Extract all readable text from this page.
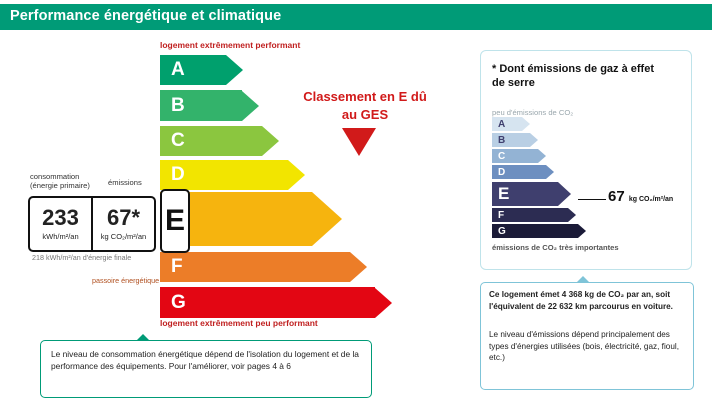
Performance énergétique et climatique
logement extrêmement performant
logement extrêmement peu performant
A
B
C
D
F
G
consommation (énergie primaire)	émissions
233
kWh/m²/an
67*
kg CO₂/m²/an
218 kWh/m²/an d'énergie finale
passoire énergétique
E
Classement en E dû au GES
* Dont émissions de gaz à effet de serre
peu d'émissions de CO₂
A
B
C
D
E
F
G
67 kg CO₂/m²/an
émissions de CO₂ très importantes
Le niveau de consommation énergétique dépend de l'isolation du logement et de la performance des équipements. Pour l'améliorer, voir pages 4 à 6
Ce logement émet 4 368 kg de CO₂ par an, soit l'équivalent de 22 632 km parcourus en voiture.
Le niveau d'émissions dépend principalement des types d'énergies utilisées (bois, électricité, gaz, fioul, etc.)
